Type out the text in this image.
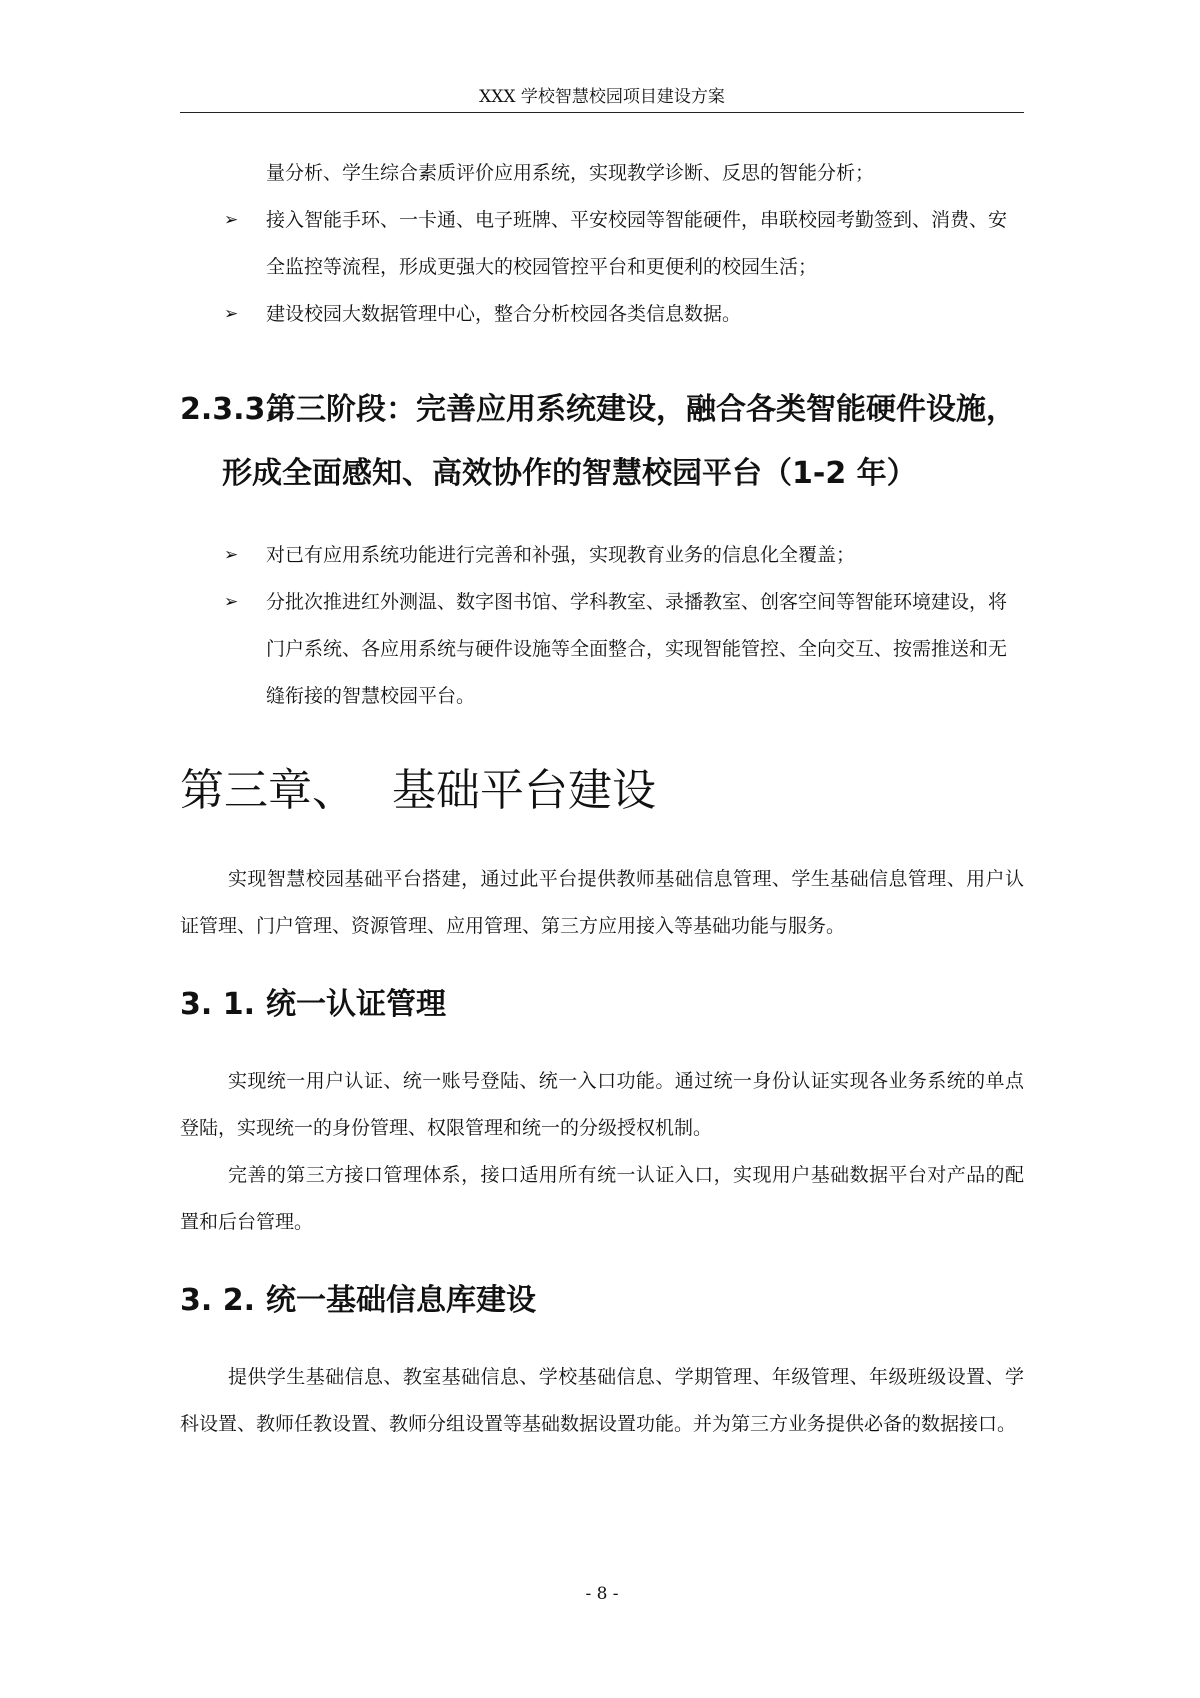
XXX 学校智慧校园项目建设方案
量分析、学生综合素质评价应用系统，实现教学诊断、反思的智能分析；
➢	接入智能手环、一卡通、电子班牌、平安校园等智能硬件，串联校园考勤签到、消费、安全监控等流程，形成更强大的校园管控平台和更便利的校园生活；
➢	建设校园大数据管理中心，整合分析校园各类信息数据。
2.3.3.
第三阶段：完善应用系统建设，融合各类智能硬件设施，形成全面感知、高效协作的智慧校园平台（1-2 年）
➢	对已有应用系统功能进行完善和补强，实现教育业务的信息化全覆盖；
➢	分批次推进红外测温、数字图书馆、学科教室、录播教室、创客空间等智能环境建设，将门户系统、各应用系统与硬件设施等全面整合，实现智能管控、全向交互、按需推送和无缝衔接的智慧校园平台。
第三章、 基础平台建设

实现智慧校园基础平台搭建，通过此平台提供教师基础信息管理、学生基础信息管理、用户认证管理、门户管理、资源管理、应用管理、第三方应用接入等基础功能与服务。

3. 1. 统一认证管理

实现统一用户认证、统一账号登陆、统一入口功能。通过统一身份认证实现各业务系统的单点登陆，实现统一的身份管理、权限管理和统一的分级授权机制。

完善的第三方接口管理体系，接口适用所有统一认证入口，实现用户基础数据平台对产品的配置和后台管理。

3. 2. 统一基础信息库建设

提供学生基础信息、教室基础信息、学校基础信息、学期管理、年级管理、年级班级设置、学科设置、教师任教设置、教师分组设置等基础数据设置功能。并为第三方业务提供必备的数据接口。

- 8 -
